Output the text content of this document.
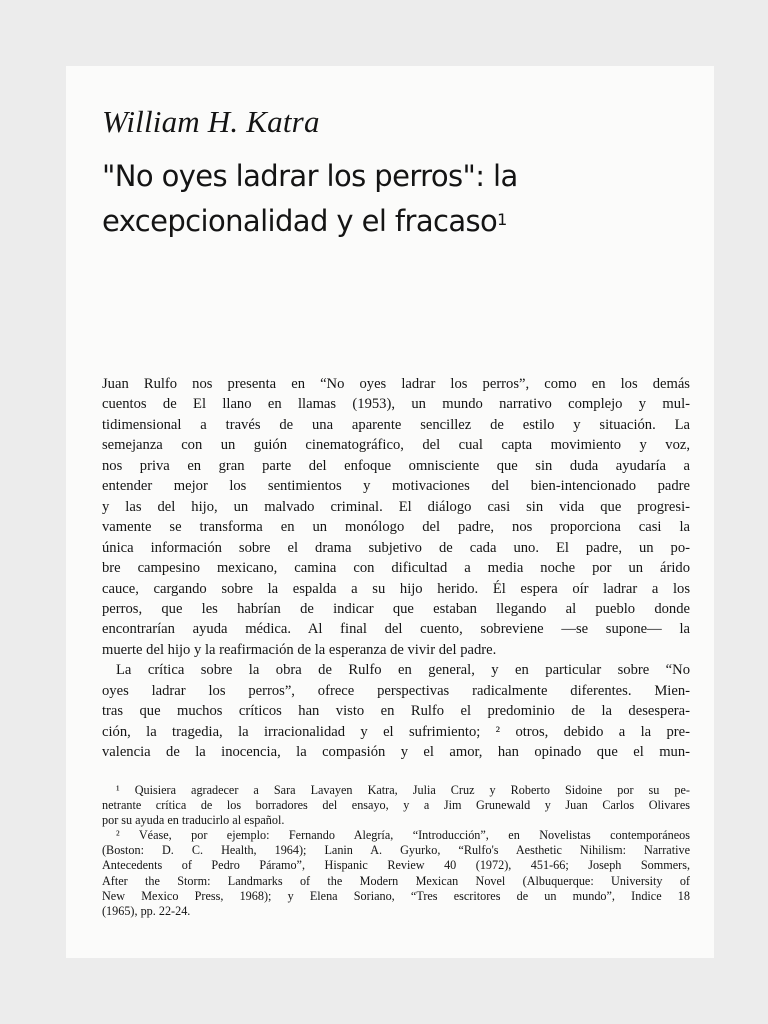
William H. Katra
"No oyes ladrar los perros": la
excepcionalidad y el fracaso$^1$
Juan Rulfo nos presenta en “No oyes ladrar los perros”, como en los demás
cuentos de El llano en llamas (1953), un mundo narrativo complejo y mul-
tidimensional a través de una aparente sencillez de estilo y situación. La
semejanza con un guión cinematográfico, del cual capta movimiento y voz,
nos priva en gran parte del enfoque omnisciente que sin duda ayudaría a
entender mejor los sentimientos y motivaciones del bien-intencionado padre
y las del hijo, un malvado criminal. El diálogo casi sin vida que progresi-
vamente se transforma en un monólogo del padre, nos proporciona casi la
única información sobre el drama subjetivo de cada uno. El padre, un po-
bre campesino mexicano, camina con dificultad a media noche por un árido
cauce, cargando sobre la espalda a su hijo herido. Él espera oír ladrar a los
perros, que les habrían de indicar que estaban llegando al pueblo donde
encontrarían ayuda médica. Al final del cuento, sobreviene —se supone— la
muerte del hijo y la reafirmación de la esperanza de vivir del padre.
La crítica sobre la obra de Rulfo en general, y en particular sobre “No
oyes ladrar los perros”, ofrece perspectivas radicalmente diferentes. Mien-
tras que muchos críticos han visto en Rulfo el predominio de la desespera-
ción, la tragedia, la irracionalidad y el sufrimiento; ² otros, debido a la pre-
valencia de la inocencia, la compasión y el amor, han opinado que el mun-
¹ Quisiera agradecer a Sara Lavayen Katra, Julia Cruz y Roberto Sidoine por su pe-
netrante crítica de los borradores del ensayo, y a Jim Grunewald y Juan Carlos Olivares
por su ayuda en traducirlo al español.
² Véase, por ejemplo: Fernando Alegría, “Introducción”, en Novelistas contemporáneos
(Boston: D. C. Health, 1964); Lanin A. Gyurko, “Rulfo's Aesthetic Nihilism: Narrative
Antecedents of Pedro Páramo”, Hispanic Review 40 (1972), 451-66; Joseph Sommers,
After the Storm: Landmarks of the Modern Mexican Novel (Albuquerque: University of
New Mexico Press, 1968); y Elena Soriano, “Tres escritores de un mundo”, Indice 18
(1965), pp. 22-24.
